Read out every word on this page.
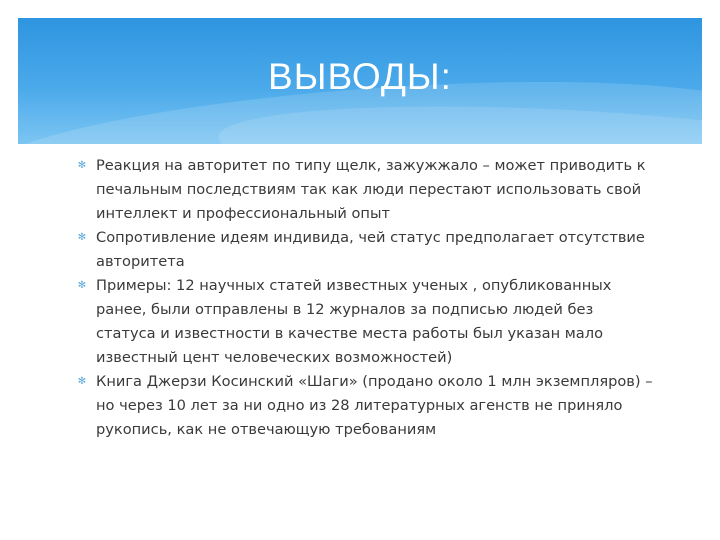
ВЫВОДЫ:
✻ Реакция на авторитет по типу щелк, зажужжало – может приводить к печальным последствиям так как люди перестают использовать свой интеллект и профессиональный опыт
✻ Сопротивление идеям индивида, чей статус предполагает отсутствие авторитета
✻ Примеры: 12 научных статей известных ученых , опубликованных ранее, были отправлены в 12 журналов за подписью людей без статуса и известности в качестве места работы был указан мало известный цент человеческих возможностей)
✻ Книга Джерзи Косинский «Шаги» (продано около 1 млн экземпляров) – но через 10 лет за ни одно из 28 литературных агенств не приняло рукопись, как не отвечающую требованиям
